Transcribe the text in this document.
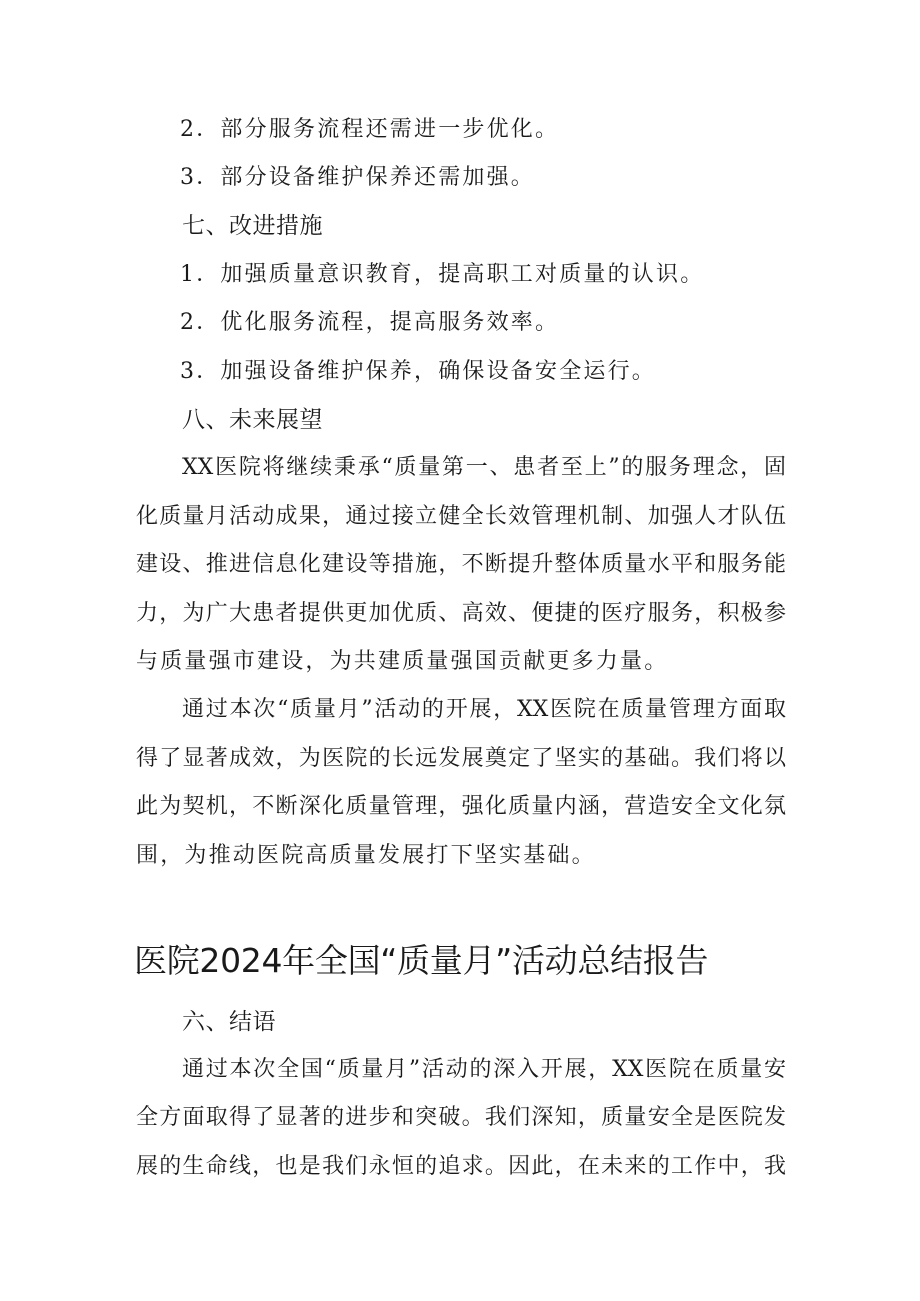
2．部分服务流程还需进一步优化。
3．部分设备维护保养还需加强。
七、改进措施
1．加强质量意识教育，提高职工对质量的认识。
2．优化服务流程，提高服务效率。
3．加强设备维护保养，确保设备安全运行。
八、未来展望
XX医院将继续秉承“质量第一、患者至上”的服务理念，固
化质量月活动成果，通过接立健全长效管理机制、加强人才队伍
建设、推进信息化建设等措施，不断提升整体质量水平和服务能
力，为广大患者提供更加优质、高效、便捷的医疗服务，积极参
与质量强市建设，为共建质量强国贡献更多力量。
通过本次“质量月”活动的开展，XX医院在质量管理方面取
得了显著成效，为医院的长远发展奠定了坚实的基础。我们将以
此为契机，不断深化质量管理，强化质量内涵，营造安全文化氛
围，为推动医院高质量发展打下坚实基础。
医院2024年全国“质量月”活动总结报告
六、结语
通过本次全国“质量月”活动的深入开展，XX医院在质量安
全方面取得了显著的进步和突破。我们深知，质量安全是医院发
展的生命线，也是我们永恒的追求。因此，在未来的工作中，我
